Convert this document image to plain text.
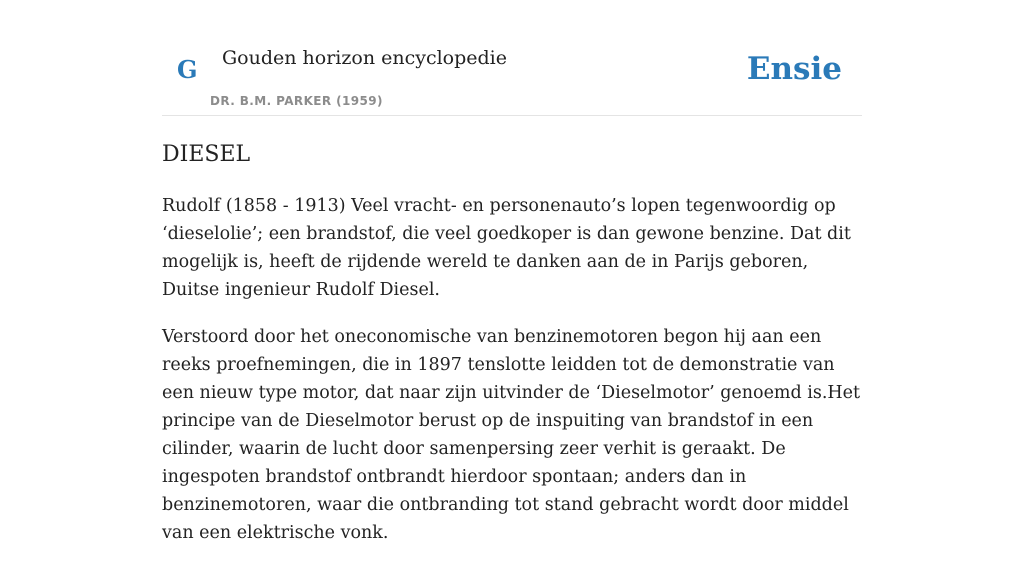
G Gouden horizon encyclopedie
DR. B.M. PARKER (1959)
Ensie
DIESEL

Rudolf (1858 - 1913) Veel vracht- en personenauto’s lopen tegenwoordig op ‘dieselolie’; een brandstof, die veel goedkoper is dan gewone benzine. Dat dit mogelijk is, heeft de rijdende wereld te danken aan de in Parijs geboren, Duitse ingenieur Rudolf Diesel.

Verstoord door het oneconomische van benzinemotoren begon hij aan een reeks proefnemingen, die in 1897 tenslotte leidden tot de demonstratie van een nieuw type motor, dat naar zijn uitvinder de ‘Dieselmotor’ genoemd is.Het principe van de Dieselmotor berust op de inspuiting van brandstof in een cilinder, waarin de lucht door samenpersing zeer verhit is geraakt. De ingespoten brandstof ontbrandt hierdoor spontaan; anders dan in benzinemotoren, waar die ontbranding tot stand gebracht wordt door middel van een elektrische vonk.
